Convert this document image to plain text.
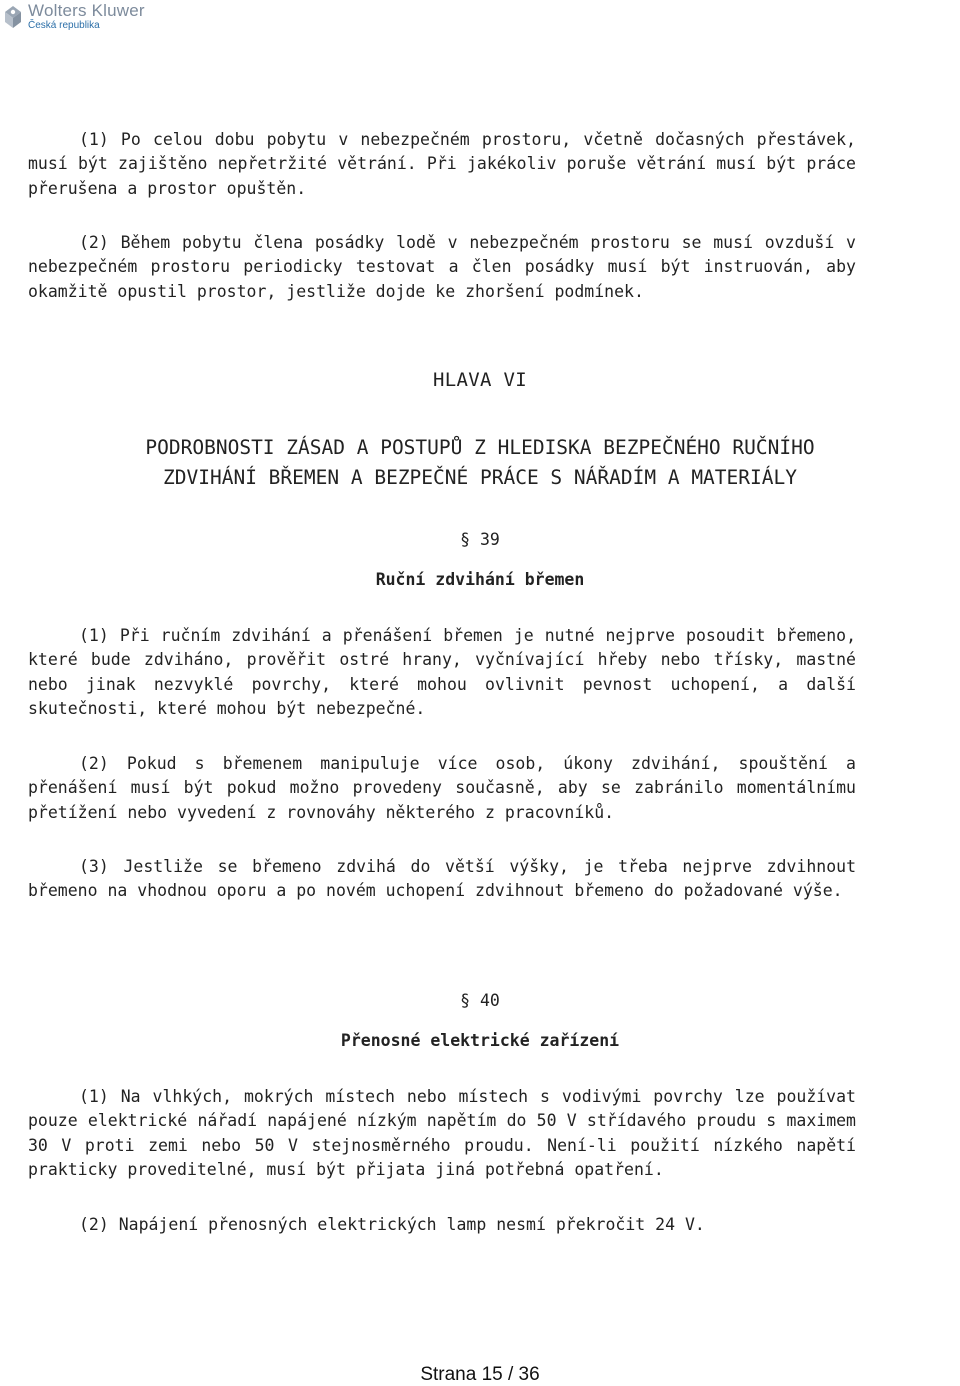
Wolters Kluwer
Česká republika
(1) Po celou dobu pobytu v nebezpečném prostoru, včetně dočasných přestávek, musí být zajištěno nepřetržité větrání. Při jakékoliv poruše větrání musí být práce přerušena a prostor opuštěn.
(2) Během pobytu člena posádky lodě v nebezpečném prostoru se musí ovzduší v nebezpečném prostoru periodicky testovat a člen posádky musí být instruován, aby okamžitě opustil prostor, jestliže dojde ke zhoršení podmínek.
HLAVA VI
PODROBNOSTI ZÁSAD A POSTUPŮ Z HLEDISKA BEZPEČNÉHO RUČNÍHO
ZDVIHÁNÍ BŘEMEN A BEZPEČNÉ PRÁCE S NÁŘADÍM A MATERIÁLY
§ 39
Ruční zdvihání břemen
(1) Při ručním zdvihání a přenášení břemen je nutné nejprve posoudit břemeno, které bude zdviháno, prověřit ostré hrany, vyčnívající hřeby nebo třísky, mastné nebo jinak nezvyklé povrchy, které mohou ovlivnit pevnost uchopení, a další skutečnosti, které mohou být nebezpečné.
(2) Pokud s břemenem manipuluje více osob, úkony zdvihání, spouštění a přenášení musí být pokud možno provedeny současně, aby se zabránilo momentálnímu přetížení nebo vyvedení z rovnováhy některého z pracovníků.
(3) Jestliže se břemeno zdvihá do větší výšky, je třeba nejprve zdvihnout břemeno na vhodnou oporu a po novém uchopení zdvihnout břemeno do požadované výše.
§ 40
Přenosné elektrické zařízení
(1) Na vlhkých, mokrých místech nebo místech s vodivými povrchy lze používat pouze elektrické nářadí napájené nízkým napětím do 50 V střídavého proudu s maximem 30 V proti zemi nebo 50 V stejnosměrného proudu. Není-li použití nízkého napětí prakticky proveditelné, musí být přijata jiná potřebná opatření.
(2) Napájení přenosných elektrických lamp nesmí překročit 24 V.
Strana 15 / 36
